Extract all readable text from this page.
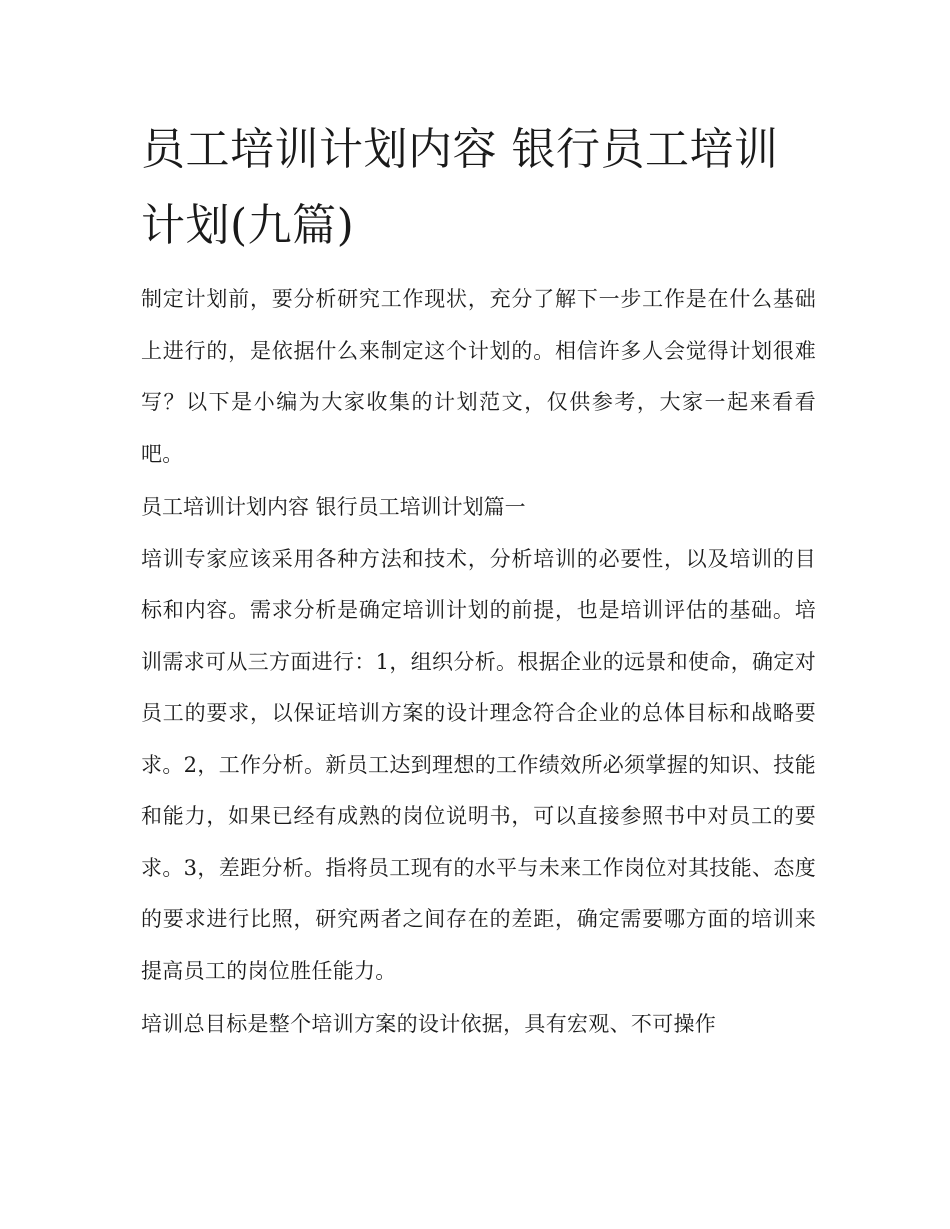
员工培训计划内容 银行员工培训计划(九篇)

制定计划前，要分析研究工作现状，充分了解下一步工作是在什么基础上进行的，是依据什么来制定这个计划的。相信许多人会觉得计划很难写？以下是小编为大家收集的计划范文，仅供参考，大家一起来看看吧。

员工培训计划内容 银行员工培训计划篇一

培训专家应该采用各种方法和技术，分析培训的必要性，以及培训的目标和内容。需求分析是确定培训计划的前提，也是培训评估的基础。培训需求可从三方面进行：1，组织分析。根据企业的远景和使命，确定对员工的要求，以保证培训方案的设计理念符合企业的总体目标和战略要求。2，工作分析。新员工达到理想的工作绩效所必须掌握的知识、技能和能力，如果已经有成熟的岗位说明书，可以直接参照书中对员工的要求。3，差距分析。指将员工现有的水平与未来工作岗位对其技能、态度的要求进行比照，研究两者之间存在的差距，确定需要哪方面的培训来提高员工的岗位胜任能力。

培训总目标是整个培训方案的设计依据，具有宏观、不可操作
